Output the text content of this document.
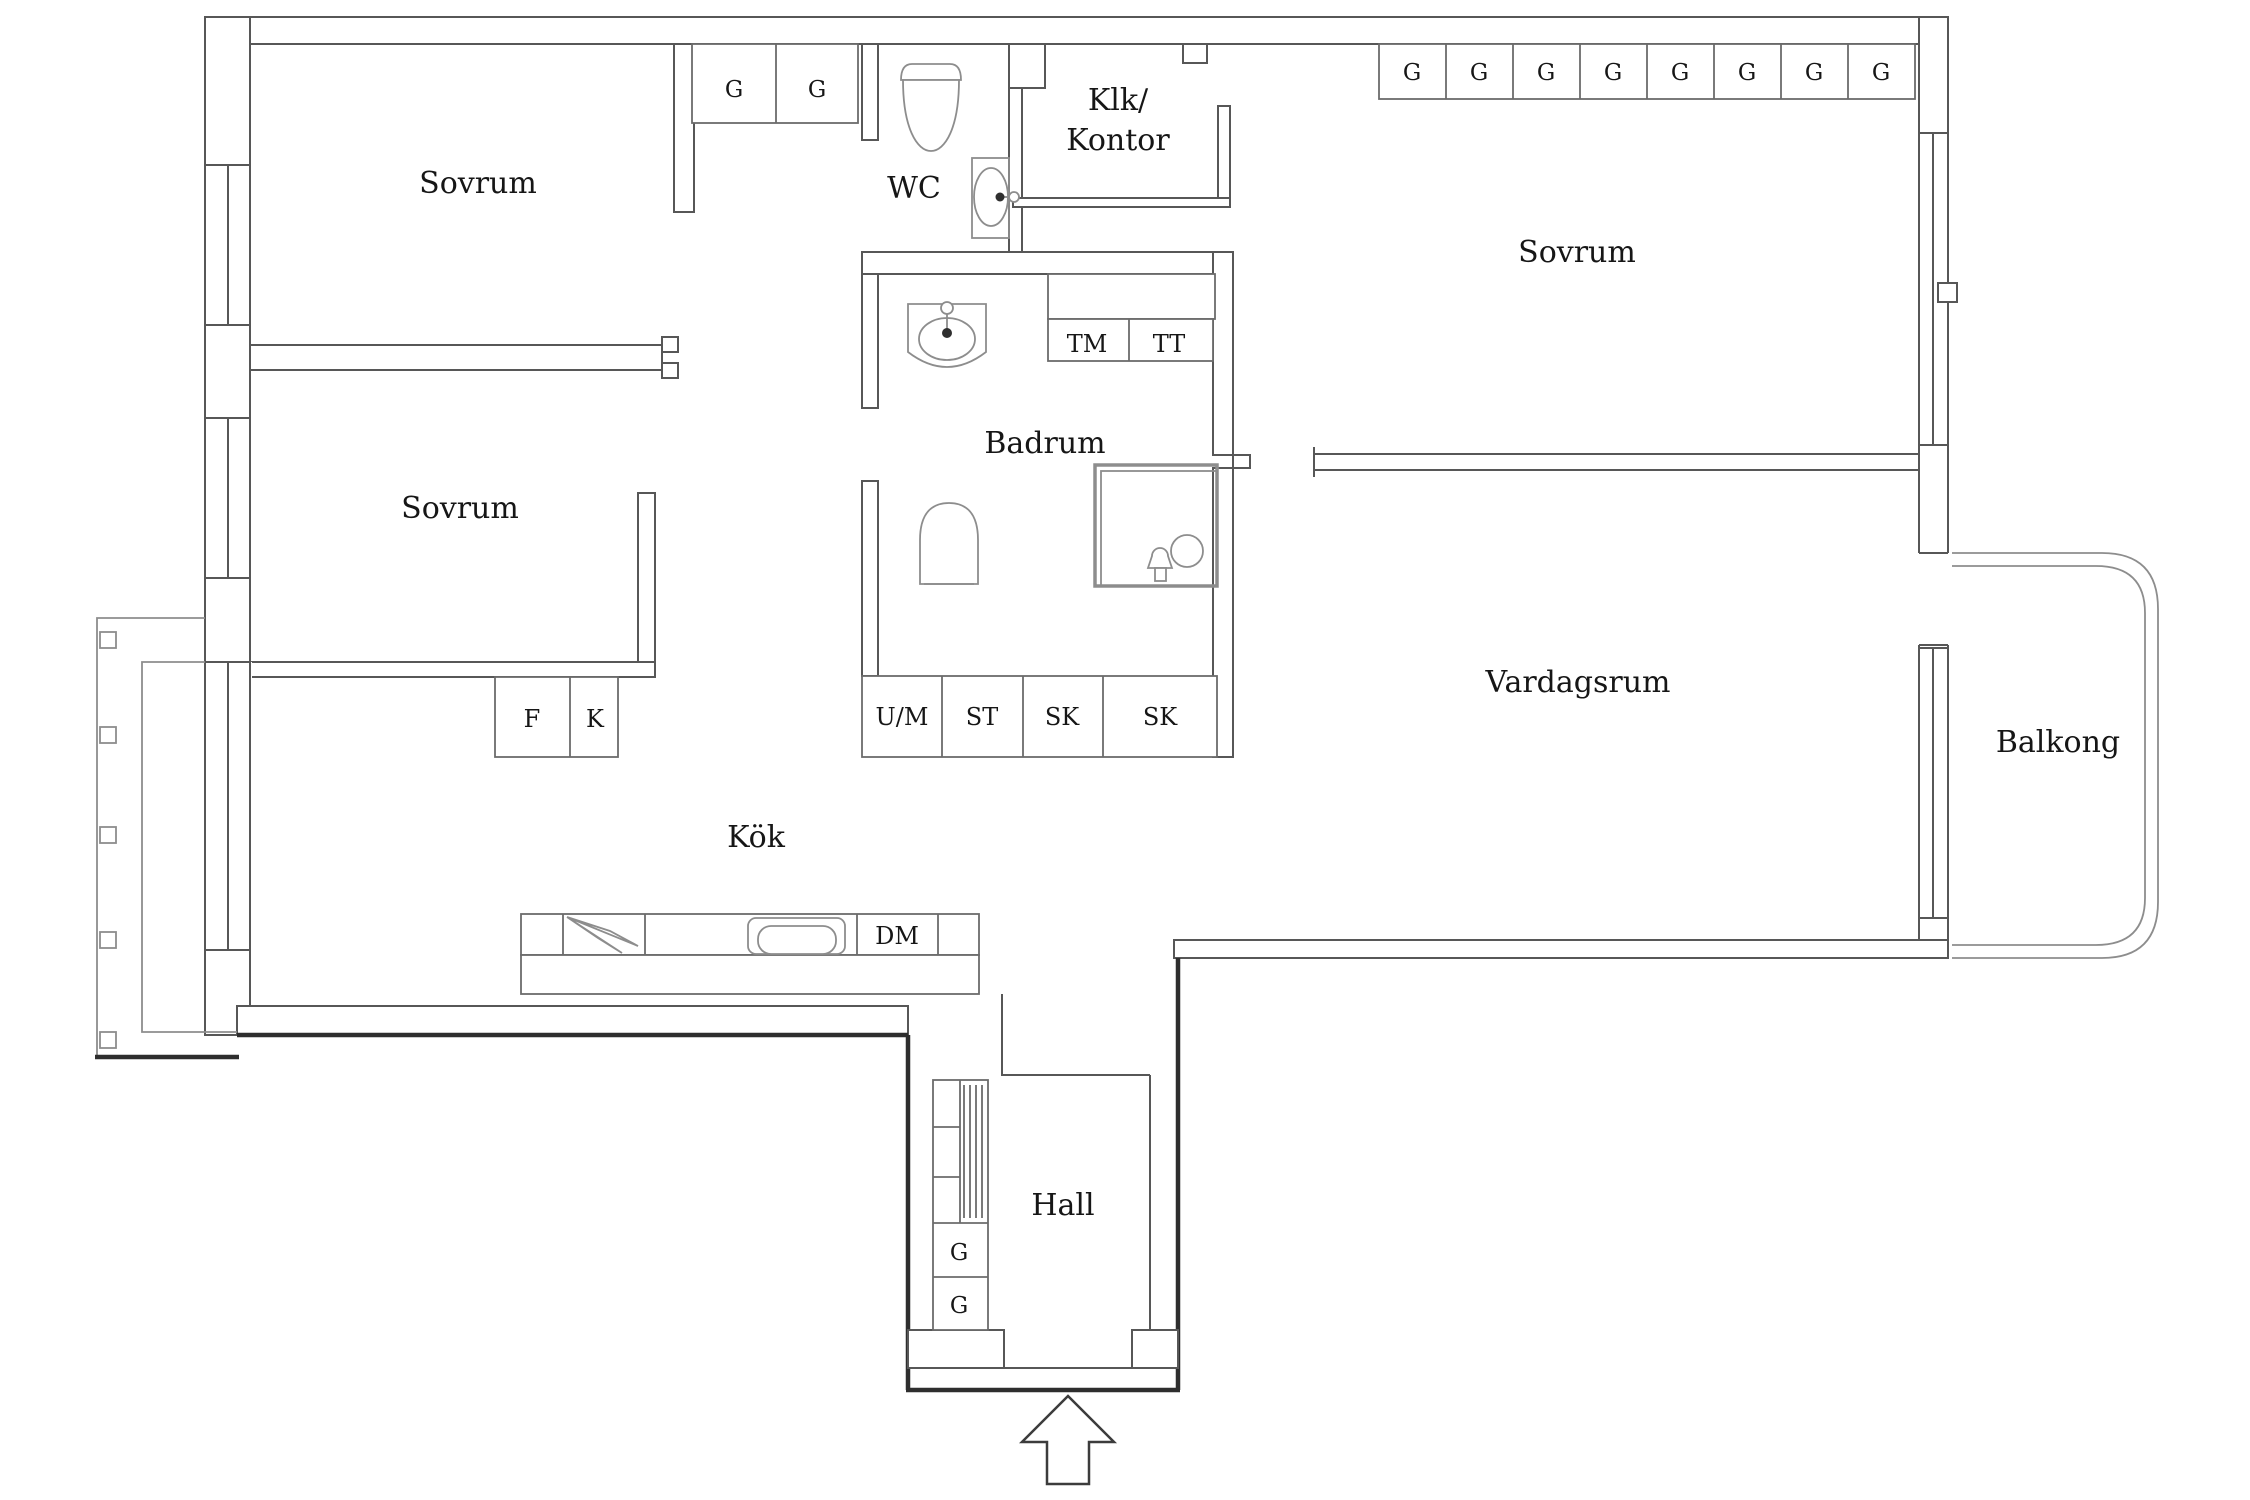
G	G
G G G G G G G G
F K	U/M ST SK	SK
TM TT
DM
G
G
Sovrum
Sovrum
Sovrum
WC
Klk/
Kontor
Badrum
Vardagsrum
Kök
Hall
Balkong
